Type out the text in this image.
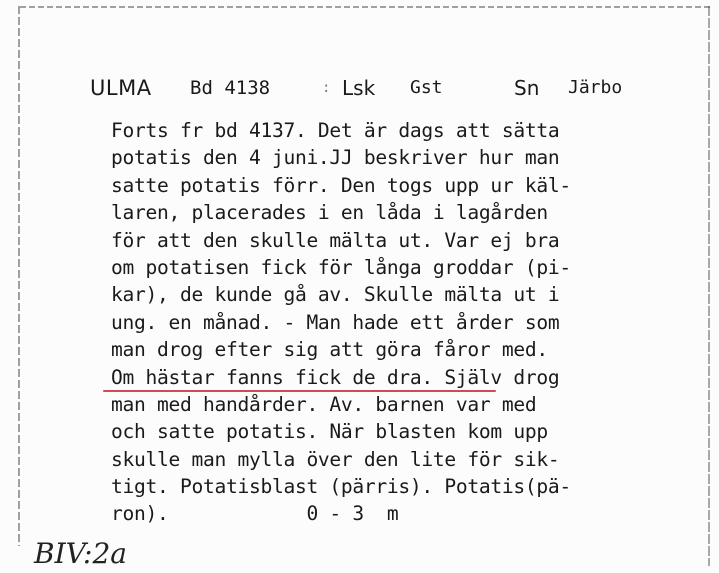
ULMA Bd 4138	: Lsk Gst	Sn Järbo
Forts fr bd 4137. Det är dags att sätta
potatis den 4 juni.JJ beskriver hur man
satte potatis förr. Den togs upp ur käl-
laren, placerades i en låda i lagården
för att den skulle mälta ut. Var ej bra
om potatisen fick för långa groddar (pi-
kar), de kunde gå av. Skulle mälta ut i
ung. en månad. - Man hade ett årder som
man drog efter sig att göra fåror med.
Om hästar fanns fick de dra. Själv drog
man med handårder. Av. barnen var med
och satte potatis. När blasten kom upp
skulle man mylla över den lite för sik-
tigt. Potatisblast (pärris). Potatis(pä-
ron).            0 - 3  m
BIV:2a
